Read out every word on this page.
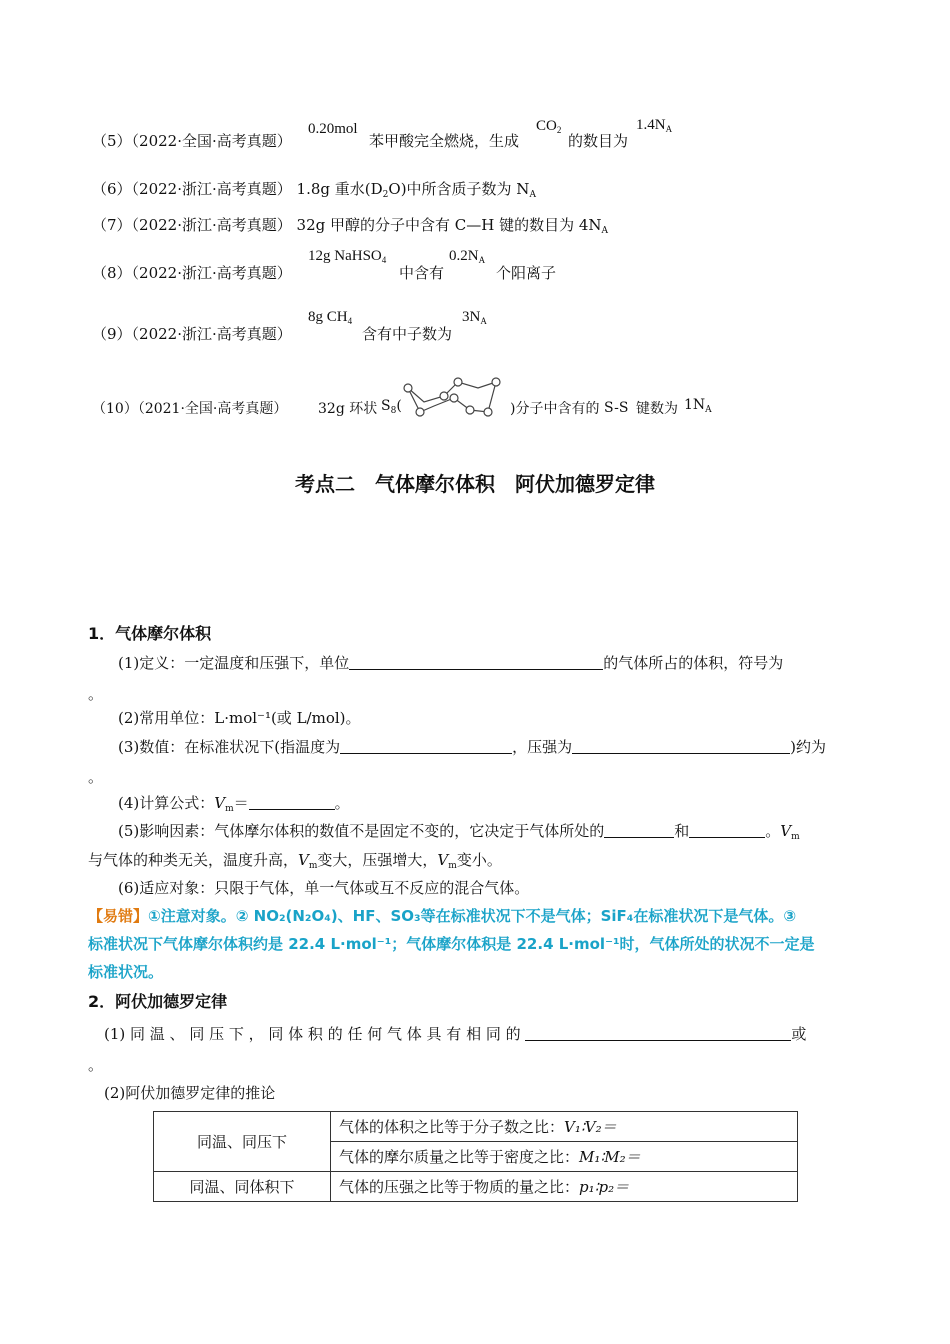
（5）（2022·全国·高考真题）
0.20mol
苯甲酸完全燃烧，生成
$CO_2$
的数目为
$1.4N_A$
（6）（2022·浙江·高考真题） 1.8g 重水$(D_2O)$中所含质子数为 $N_A$
（7）（2022·浙江·高考真题） 32g 甲醇的分子中含有 C—H 键的数目为 $4N_A$
（8）（2022·浙江·高考真题）
12g NaHSO$_4$
中含有
$0.2N_A$
个阳离子
（9）（2022·浙江·高考真题）
8g $CH_4$
含有中子数为
$3N_A$
（10）（2021·全国·高考真题） 32g 环状 $S_8$(	)分子中含有的 S-S 键数为 $1N_A$
考点二　气体摩尔体积　阿伏加德罗定律
1．气体摩尔体积
(1)定义：一定温度和压强下，单位	的气体所占的体积，符号为
。
(2)常用单位：L·mol⁻¹(或 L/mol)。
(3)数值：在标准状况下(指温度为	，压强为	)约为
。
(4)计算公式：$V_m=$	。
(5)影响因素：气体摩尔体积的数值不是固定不变的，它决定于气体所处的	和	。$V_m$
与气体的种类无关，温度升高，$V_m$变大，压强增大，$V_m$变小。
(6)适应对象：只限于气体，单一气体或互不反应的混合气体。
【易错】①注意对象。② NO₂(N₂O₄)、HF、SO₃等在标准状况下不是气体；SiF₄在标准状况下是气体。③
标准状况下气体摩尔体积约是 22.4 L·mol⁻¹；气体摩尔体积是 22.4 L·mol⁻¹时，气体所处的状况不一定是
标准状况。
2．阿伏加德罗定律
(1) 同 温 、 同 压 下 ， 同 体 积 的 任 何 气 体 具 有 相 同 的	或
。
(2)阿伏加德罗定律的推论
同温、同压下	气体的体积之比等于分子数之比：V₁∶V₂＝
	气体的摩尔质量之比等于密度之比：M₁∶M₂＝
同温、同体积下	气体的压强之比等于物质的量之比：p₁∶p₂＝
